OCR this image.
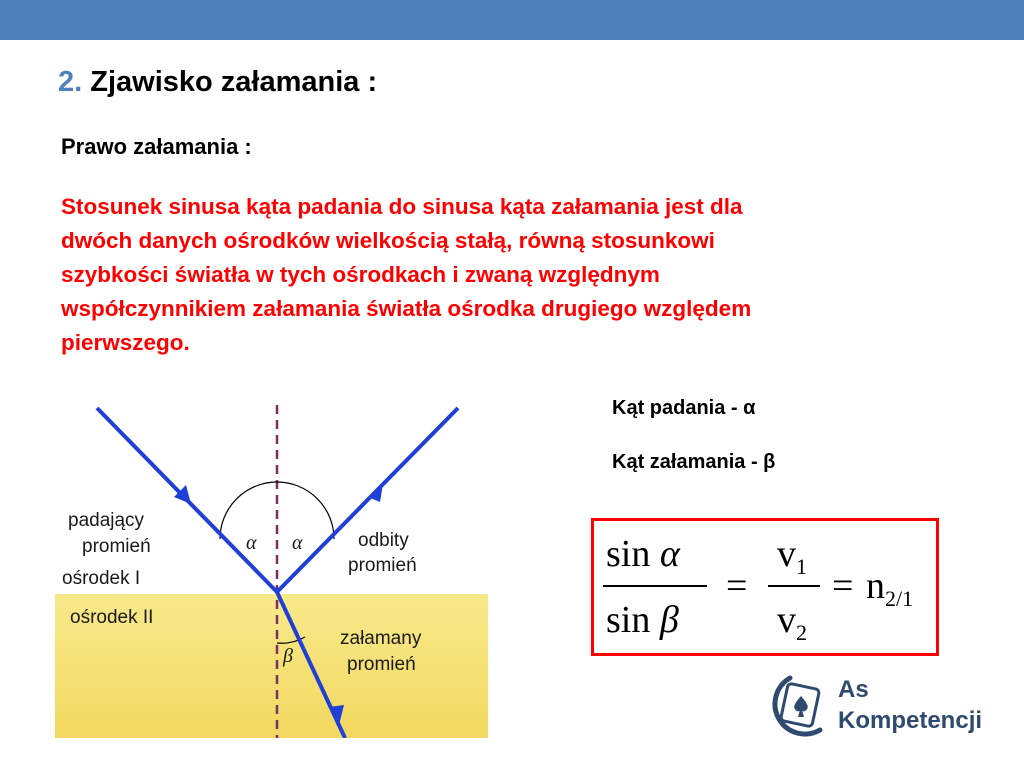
2. Zjawisko załamania :
Prawo załamania :
Stosunek sinusa kąta padania do sinusa kąta załamania jest dla
dwóch danych ośrodków wielkością stałą, równą stosunkowi
szybkości światła w tych ośrodkach i zwaną względnym
współczynnikiem załamania światła ośrodka drugiego względem
pierwszego.
Kąt padania - α
Kąt załamania - β
padający
promień
ośrodek I
ośrodek II
odbity
promień
załamany
promień
α α
β
sin α
sin β
=
$v_1$
$v_2$
= $n_{2/1}$
As
Kompetencji
